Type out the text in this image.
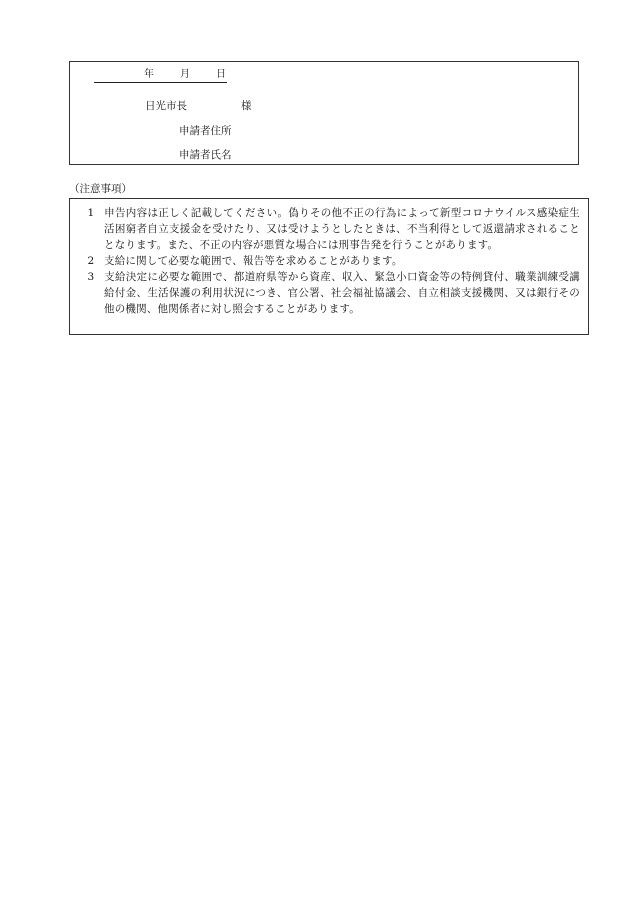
年	月	日
日光市長	様
申請者住所
申請者氏名
（注意事項）
1 申告内容は正しく記載してください。偽りその他不正の行為によって新型コロナウイルス感染症生活困窮者自立支援金を受けたり、又は受けようとしたときは、不当利得として返還請求されることとなります。また、不正の内容が悪質な場合には刑事告発を行うことがあります。
2 支給に関して必要な範囲で、報告等を求めることがあります。
3 支給決定に必要な範囲で、都道府県等から資産、収入、緊急小口資金等の特例貸付、職業訓練受講給付金、生活保護の利用状況につき、官公署、社会福祉協議会、自立相談支援機関、又は銀行その他の機関、他関係者に対し照会することがあります。
